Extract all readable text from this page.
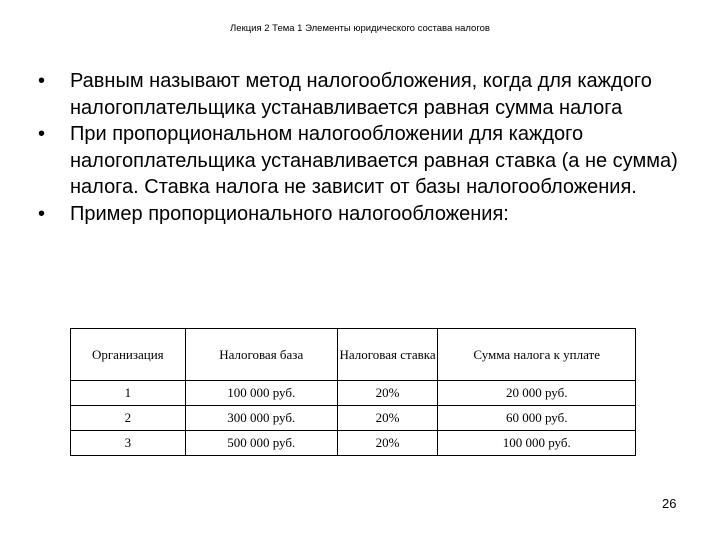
Лекция 2 Тема 1 Элементы юридического состава налогов
• Равным называют метод налогообложения, когда для каждого налогоплательщика устанавливается равная сумма налога
• При пропорциональном налогообложении для каждого налогоплательщика устанавливается равная ставка (а не сумма) налога. Ставка налога не зависит от базы налогообложения.
• Пример пропорционального налогообложения:
Организация	Налоговая база	Налоговая ставка	Сумма налога к уплате
1	100 000 руб.	20%	20 000 руб.
2	300 000 руб.	20%	60 000 руб.
3	500 000 руб.	20%	100 000 руб.
26
